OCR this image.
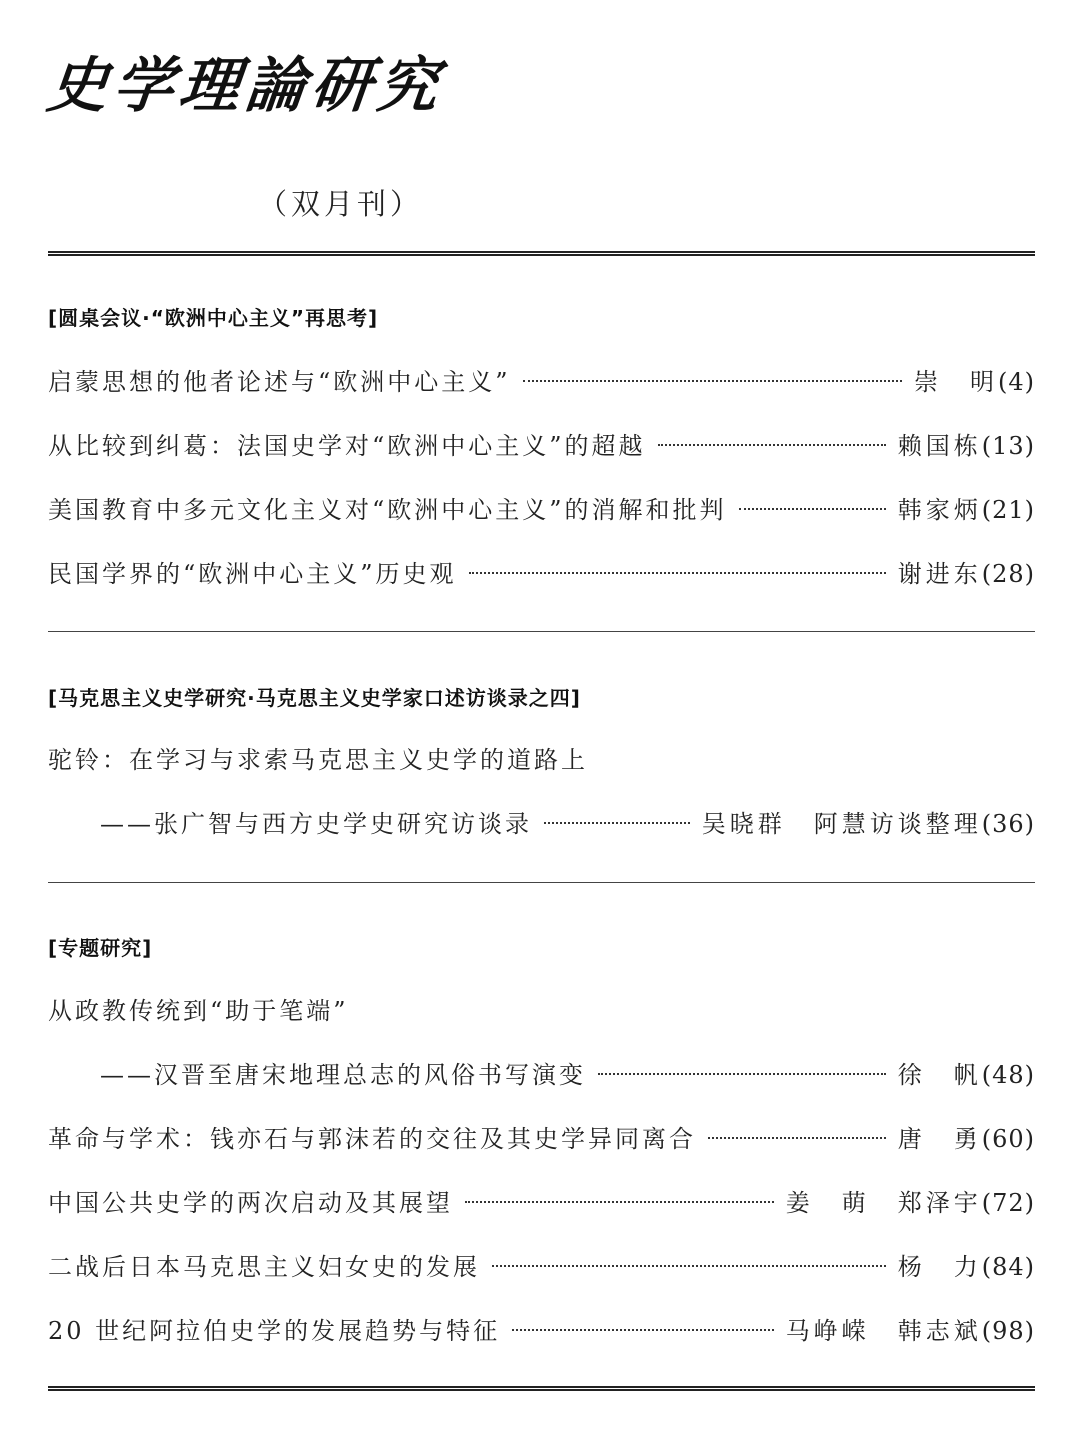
史学理論研究
（双月刊）
[圆桌会议·“欧洲中心主义”再思考]
启蒙思想的他者论述与“欧洲中心主义”	崇　明 (4)
从比较到纠葛：法国史学对“欧洲中心主义”的超越	赖国栋 (13)
美国教育中多元文化主义对“欧洲中心主义”的消解和批判	韩家炳 (21)
民国学界的“欧洲中心主义”历史观	谢进东 (28)
[马克思主义史学研究·马克思主义史学家口述访谈录之四]
驼铃：在学习与求索马克思主义史学的道路上
——张广智与西方史学史研究访谈录	吴晓群　阿慧访谈整理 (36)
[专题研究]
从政教传统到“助于笔端”
——汉晋至唐宋地理总志的风俗书写演变	徐　帆 (48)
革命与学术：钱亦石与郭沫若的交往及其史学异同离合	唐　勇 (60)
中国公共史学的两次启动及其展望	姜　萌　郑泽宇 (72)
二战后日本马克思主义妇女史的发展	杨　力 (84)
20 世纪阿拉伯史学的发展趋势与特征	马峥嵘　韩志斌 (98)
